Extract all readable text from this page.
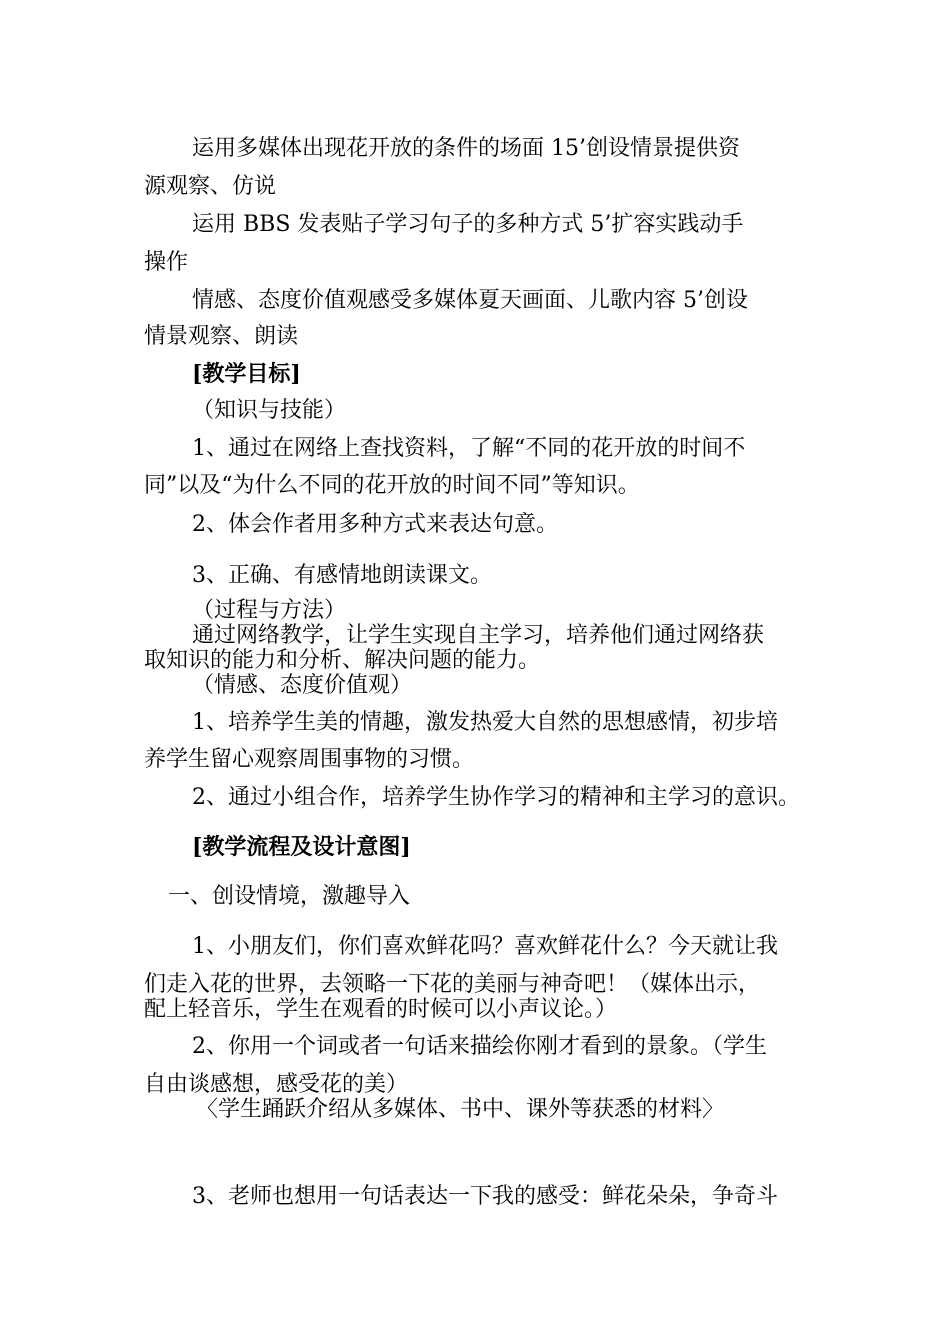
运用多媒体出现花开放的条件的场面 15’创设情景提供资

源观察、仿说

运用 BBS 发表贴子学习句子的多种方式 5’扩容实践动手

操作

情感、态度价值观感受多媒体夏天画面、儿歌内容 5’创设

情景观察、朗读

[教学目标]

（知识与技能）

1、通过在网络上查找资料，了解“不同的花开放的时间不

同”以及“为什么不同的花开放的时间不同”等知识。

2、体会作者用多种方式来表达句意。

3、正确、有感情地朗读课文。

（过程与方法）

通过网络教学，让学生实现自主学习，培养他们通过网络获

取知识的能力和分析、解决问题的能力。

（情感、态度价值观）

1、培养学生美的情趣，激发热爱大自然的思想感情，初步培

养学生留心观察周围事物的习惯。

2、通过小组合作，培养学生协作学习的精神和主学习的意识。

[教学流程及设计意图]

一、创设情境，激趣导入

1、小朋友们，你们喜欢鲜花吗？喜欢鲜花什么？今天就让我

们走入花的世界，去领略一下花的美丽与神奇吧！（媒体出示，

配上轻音乐，学生在观看的时候可以小声议论。）

2、你用一个词或者一句话来描绘你刚才看到的景象。（学生

自由谈感想，感受花的美）

〈学生踊跃介绍从多媒体、书中、课外等获悉的材料〉

3、老师也想用一句话表达一下我的感受：鲜花朵朵，争奇斗
